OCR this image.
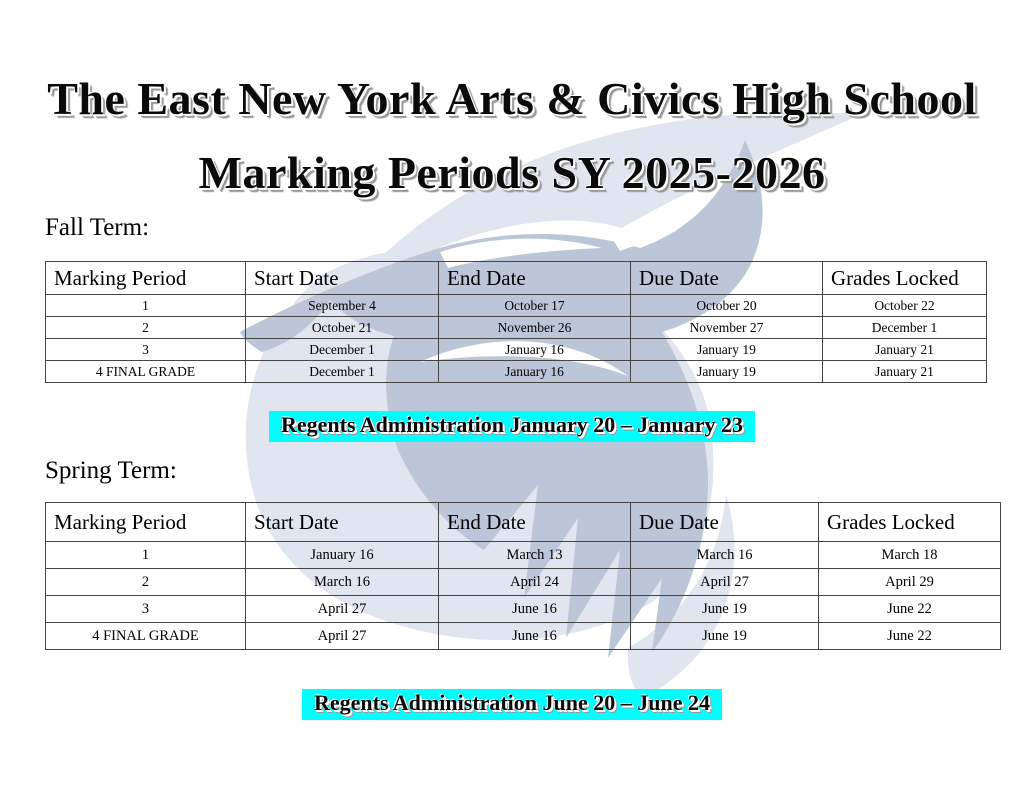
The East New York Arts & Civics High School
Marking Periods SY 2025-2026
Fall Term:
Marking Period	Start Date	End Date	Due Date	Grades Locked
1	September 4	October 17	October 20	October 22
2	October 21	November 26	November 27	December 1
3	December 1	January 16	January 19	January 21
4 FINAL GRADE	December 1	January 16	January 19	January 21
Regents Administration January 20 – January 23
Spring Term:
Marking Period	Start Date	End Date	Due Date	Grades Locked
1	January 16	March 13	March 16	March 18
2	March 16	April 24	April 27	April 29
3	April 27	June 16	June 19	June 22
4 FINAL GRADE	April 27	June 16	June 19	June 22
Regents Administration June 20 – June 24
